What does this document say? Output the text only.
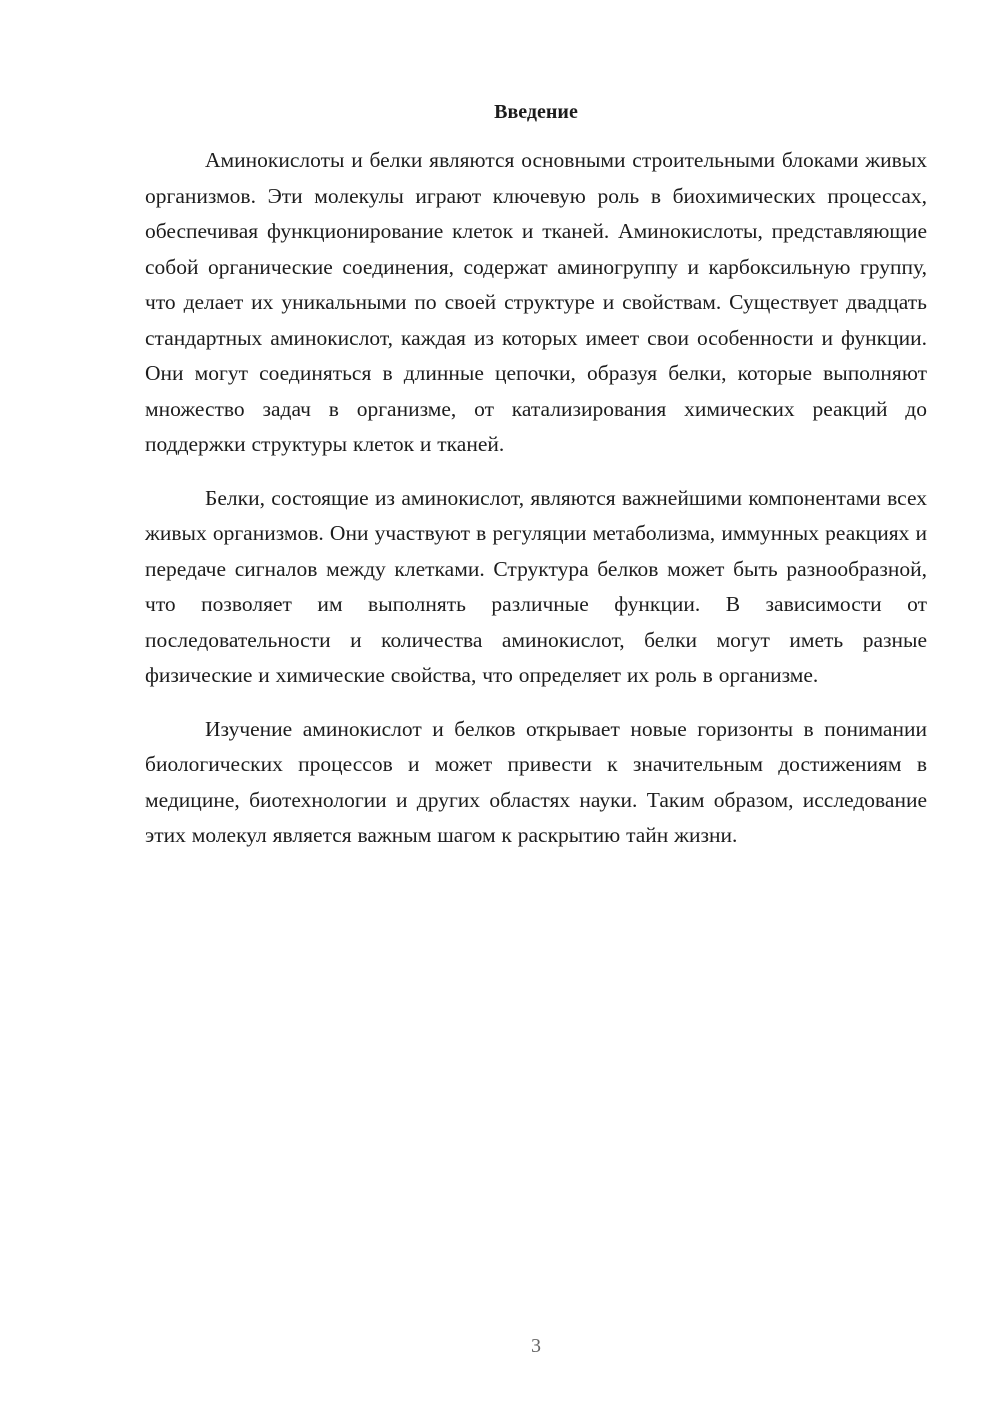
Введение

Аминокислоты и белки являются основными строительными блоками живых организмов. Эти молекулы играют ключевую роль в биохимических процессах, обеспечивая функционирование клеток и тканей. Аминокислоты, представляющие собой органические соединения, содержат аминогруппу и карбоксильную группу, что делает их уникальными по своей структуре и свойствам. Существует двадцать стандартных аминокислот, каждая из которых имеет свои особенности и функции. Они могут соединяться в длинные цепочки, образуя белки, которые выполняют множество задач в организме, от катализирования химических реакций до поддержки структуры клеток и тканей.

Белки, состоящие из аминокислот, являются важнейшими компонентами всех живых организмов. Они участвуют в регуляции метаболизма, иммунных реакциях и передаче сигналов между клетками. Структура белков может быть разнообразной, что позволяет им выполнять различные функции. В зависимости от последовательности и количества аминокислот, белки могут иметь разные физические и химические свойства, что определяет их роль в организме.

Изучение аминокислот и белков открывает новые горизонты в понимании биологических процессов и может привести к значительным достижениям в медицине, биотехнологии и других областях науки. Таким образом, исследование этих молекул является важным шагом к раскрытию тайн жизни.

3
